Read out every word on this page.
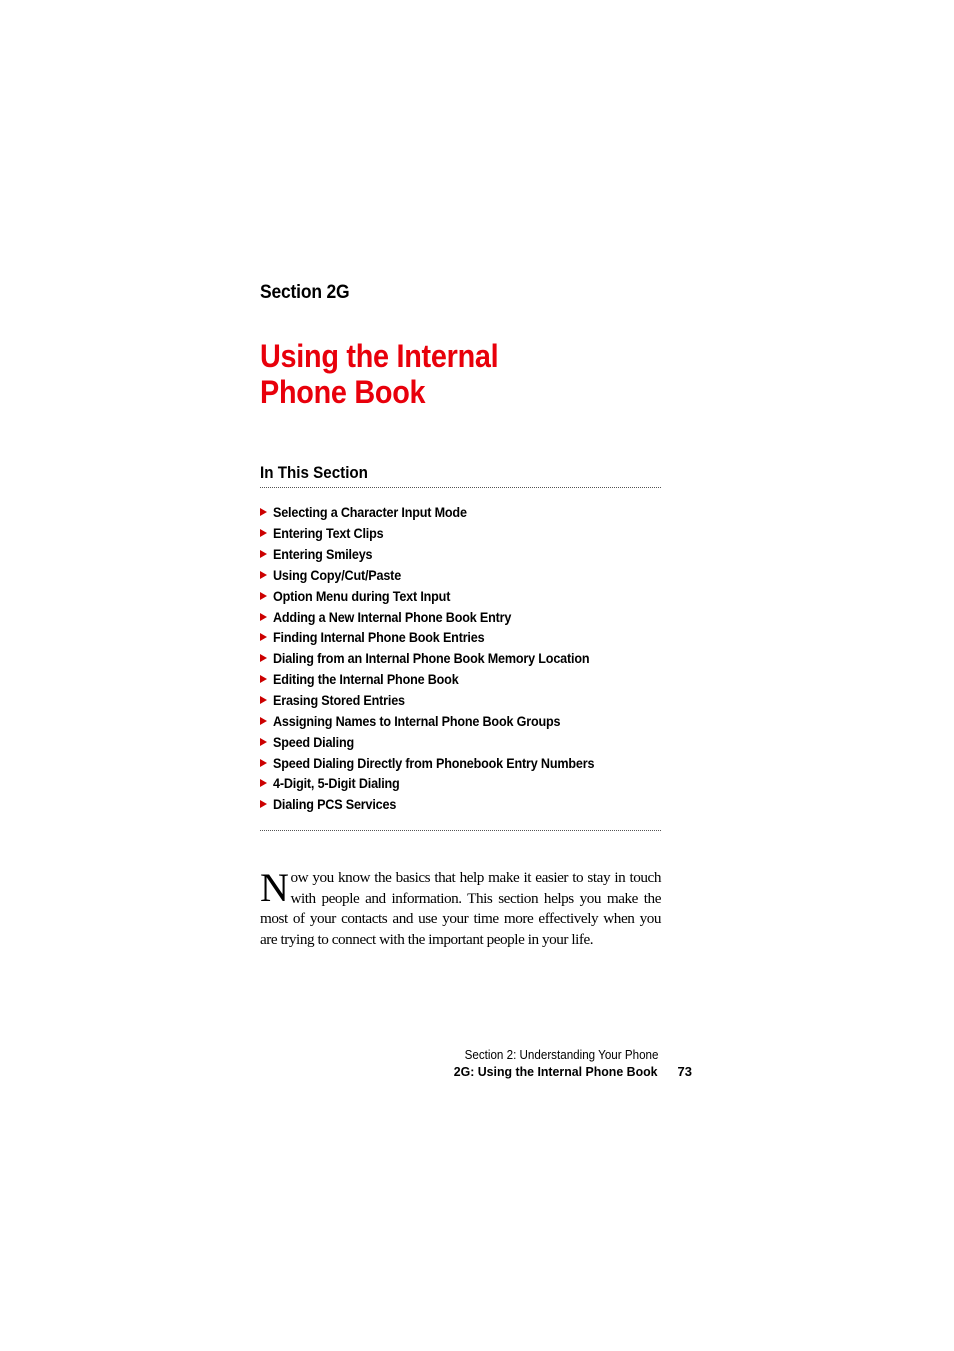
Section 2G
Using the Internal
Phone Book
In This Section
Selecting a Character Input Mode
Entering Text Clips
Entering Smileys
Using Copy/Cut/Paste
Option Menu during Text Input
Adding a New Internal Phone Book Entry
Finding Internal Phone Book Entries
Dialing from an Internal Phone Book Memory Location
Editing the Internal Phone Book
Erasing Stored Entries
Assigning Names to Internal Phone Book Groups
Speed Dialing
Speed Dialing Directly from Phonebook Entry Numbers
4-Digit, 5-Digit Dialing
Dialing PCS Services

Now you know the basics that help make it easier to stay in touch with people and information. This section helps you make the most of your contacts and use your time more effectively when you are trying to connect with the important people in your life.

Section 2: Understanding Your Phone
2G: Using the Internal Phone Book 73
